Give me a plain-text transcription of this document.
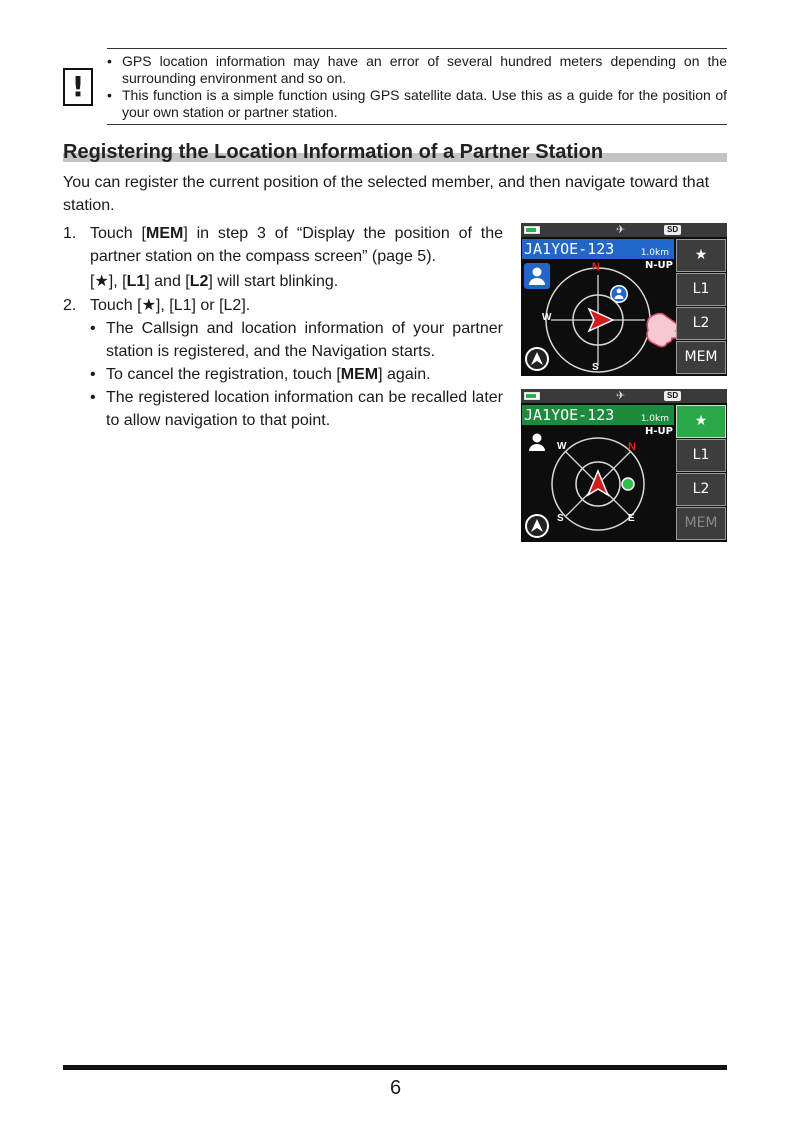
!
• GPS location information may have an error of several hundred meters depending on the surrounding environment and so on.
• This function is a simple function using GPS satellite data. Use this as a guide for the position of your own station or partner station.
Registering the Location Information of a Partner Station
You can register the current position of the selected member, and then navigate toward that station.
1. Touch [MEM] in step 3 of “Display the position of the partner station on the compass screen” (page 5).

[★], [L1] and [L2] will start blinking.

2. Touch [★], [L1] or [L2].

• The Callsign and location information of your partner station is registered, and the Navigation starts.
• To cancel the registration, touch [MEM] again.
• The registered location information can be recalled later to allow navigation to that point.
✈	SD
JA1YOE-123	1.0km
N-UP
N
W
S
★
L1
L2
MEM
✈	SD
JA1YOE-123	1.0km
H-UP
W	N
S	E
★
L1
L2
MEM
6
